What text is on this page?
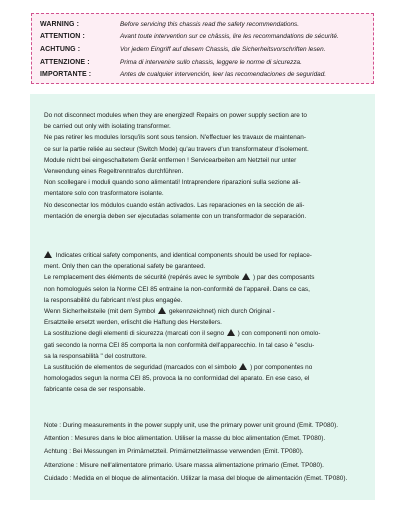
WARNING :	Before servicing this chassis read the safety recommendations.
ATTENTION :	Avant toute intervention sur ce châssis, lire les recommandations de sécurité.
ACHTUNG :	Vor jedem Eingriff auf diesem Chassis, die Sicherheitsvorschriften lesen.
ATTENZIONE :	Prima di intervenire sullo chassis, leggere le norme di sicurezza.
IMPORTANTE :	Antes de cualquier intervención, leer las recomendaciones de seguridad.

Do not disconnect modules when they are energized! Repairs on power supply section are to

be carried out only with isolating transformer.

Ne pas retirer les modules lorsqu'ils sont sous tension. N'effectuer les travaux de maintenan-

ce sur la partie reliée au secteur (Switch Mode) qu'au travers d'un transformateur d'isolement.

Module nicht bei eingeschaltetem Gerät entfernen ! Servicearbeiten am Netzteil nur unter

Verwendung eines Regeltrenntrafos durchführen.

Non scollegare i moduli quando sono alimentati! Intraprendere riparazioni sulla sezione ali-

mentatore solo con trasformatore isolante.

No desconectar los módulos cuando están activados. Las reparaciones en la sección de ali-

mentación de energía deben ser ejecutadas solamente con un transformador de separación.

Indicates critical safety components, and identical components should be used for replace-

ment. Only then can the operational safety be garanteed.

Le remplacement des éléments de sécurité (repérés avec le symbole ) par des composants

non homologués selon la Norme CEI 85 entraine la non-conformité de l'appareil. Dans ce cas,

la responsabilité du fabricant n'est plus engagée.

Wenn Sicherheitsteile (mit dem Symbol gekennzeichnet) nich durch Original -

Ersatzteile ersetzt werden, erlischt die Haftung des Herstellers.

La sostituzione degli elementi di sicurezza (marcati con il segno ) con componenti non omolo-

gati secondo la norma CEI 85 comporta la non conformità dell'apparecchio. In tal caso è "esclu-

sa la responsabilità " del costruttore.

La sustitución de elementos de seguridad (marcados con el simbolo ) por componentes no

homologados segun la norma CEI 85, provoca la no conformidad del aparato. En ese caso, el

fabricante cesa de ser responsable.

Note : During measurements in the power supply unit, use the primary power unit ground (Emit. TP080).

Attention : Mesures dans le bloc alimentation. Utiliser la masse du bloc alimentation (Emet. TP080).

Achtung : Bei Messungen im Primärnetzteil. Primärnetzteilmasse verwenden (Emit. TP080).

Attenzione : Misure nell'alimentatore primario. Usare massa alimentazione primario (Emet. TP080).

Cuidado : Medida en el bloque de alimentación. Utilizar la masa del bloque de alimentación (Emet. TP080).
